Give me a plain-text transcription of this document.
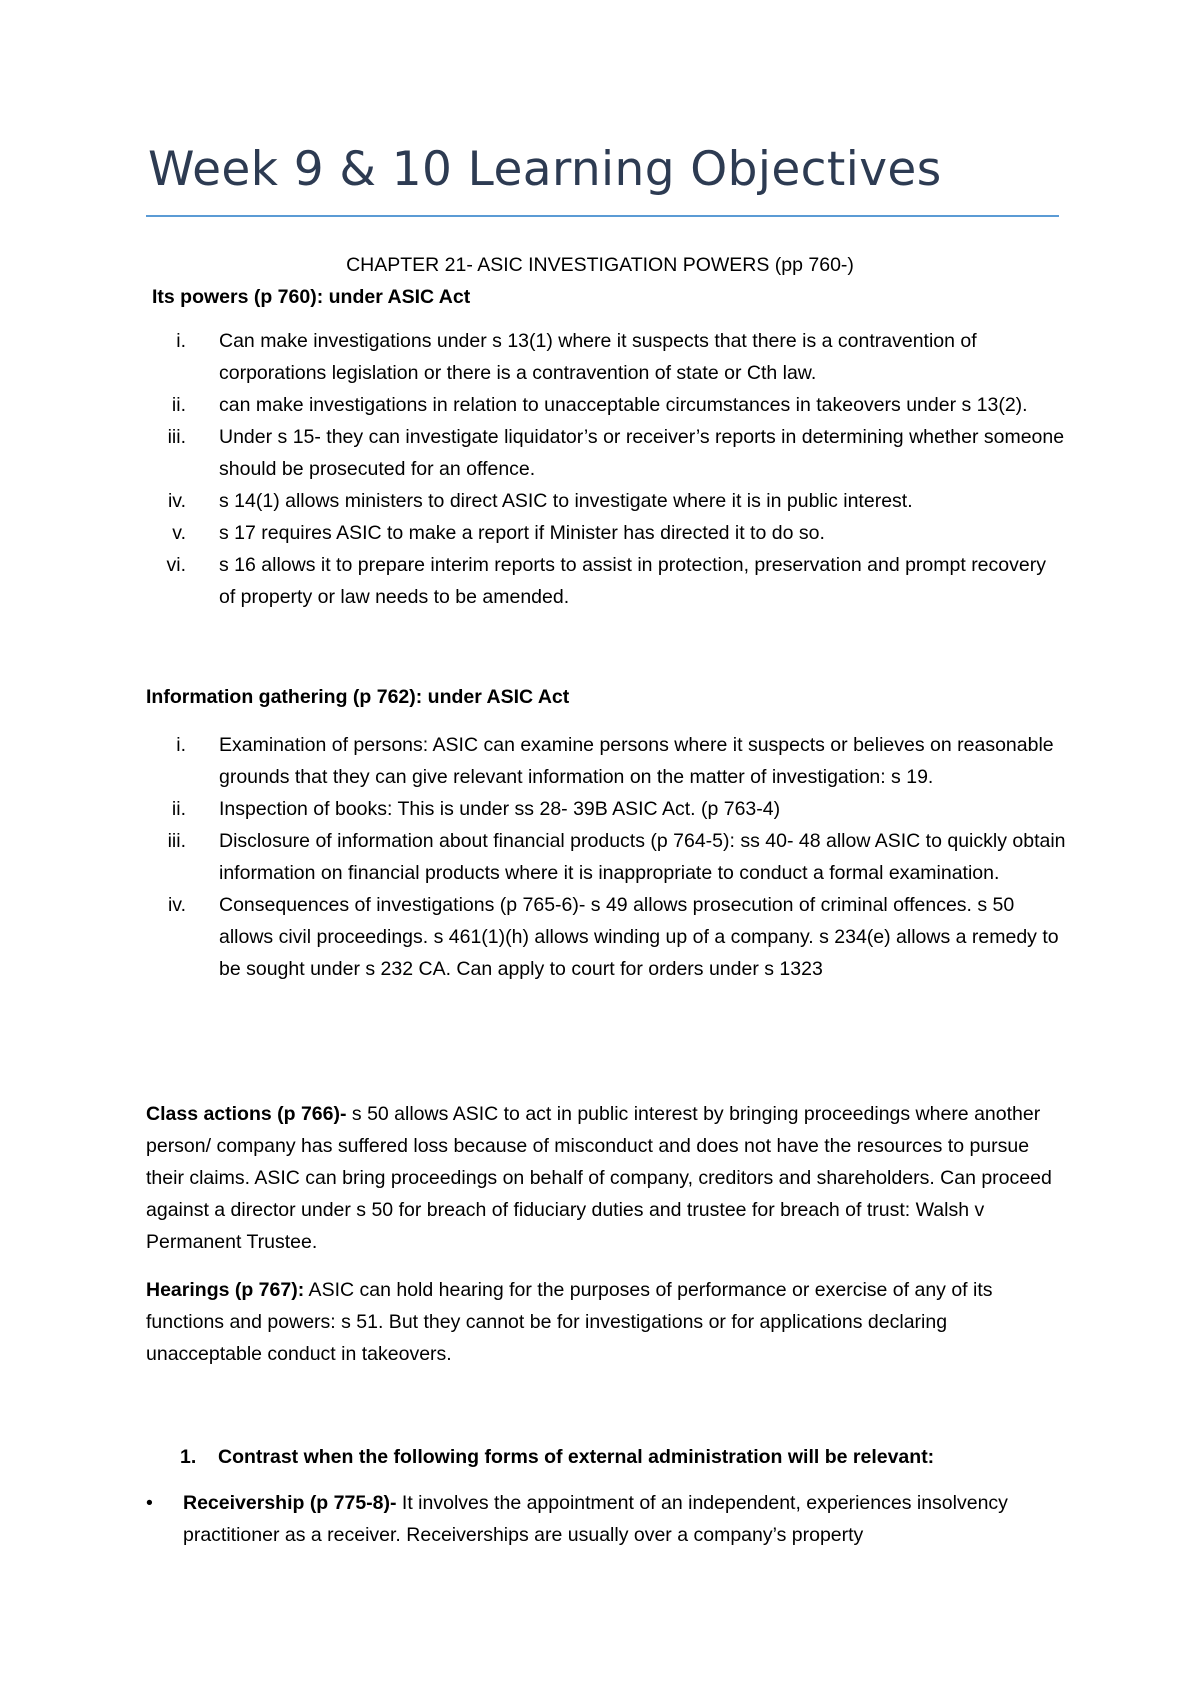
Week 9 & 10 Learning Objectives
CHAPTER 21- ASIC INVESTIGATION POWERS (pp 760-)

Its powers (p 760): under ASIC Act

i. Can make investigations under s 13(1) where it suspects that there is a contravention of corporations legislation or there is a contravention of state or Cth law.
ii. can make investigations in relation to unacceptable circumstances in takeovers under s 13(2).
iii. Under s 15- they can investigate liquidator’s or receiver’s reports in determining whether someone should be prosecuted for an offence.
iv. s 14(1) allows ministers to direct ASIC to investigate where it is in public interest.
v. s 17 requires ASIC to make a report if Minister has directed it to do so.
vi. s 16 allows it to prepare interim reports to assist in protection, preservation and prompt recovery of property or law needs to be amended.

Information gathering (p 762): under ASIC Act

i. Examination of persons: ASIC can examine persons where it suspects or believes on reasonable grounds that they can give relevant information on the matter of investigation: s 19.
ii. Inspection of books: This is under ss 28- 39B ASIC Act. (p 763-4)
iii. Disclosure of information about financial products (p 764-5): ss 40- 48 allow ASIC to quickly obtain information on financial products where it is inappropriate to conduct a formal examination.
iv. Consequences of investigations (p 765-6)- s 49 allows prosecution of criminal offences. s 50 allows civil proceedings. s 461(1)(h) allows winding up of a company. s 234(e) allows a remedy to be sought under s 232 CA. Can apply to court for orders under s 1323

Class actions (p 766)- s 50 allows ASIC to act in public interest by bringing proceedings where another person/ company has suffered loss because of misconduct and does not have the resources to pursue their claims. ASIC can bring proceedings on behalf of company, creditors and shareholders. Can proceed against a director under s 50 for breach of fiduciary duties and trustee for breach of trust: Walsh v Permanent Trustee.

Hearings (p 767): ASIC can hold hearing for the purposes of performance or exercise of any of its functions and powers: s 51. But they cannot be for investigations or for applications declaring unacceptable conduct in takeovers.

1.	Contrast when the following forms of external administration will be relevant:

•	Receivership (p 775-8)- It involves the appointment of an independent, experiences insolvency practitioner as a receiver. Receiverships are usually over a company’s property
